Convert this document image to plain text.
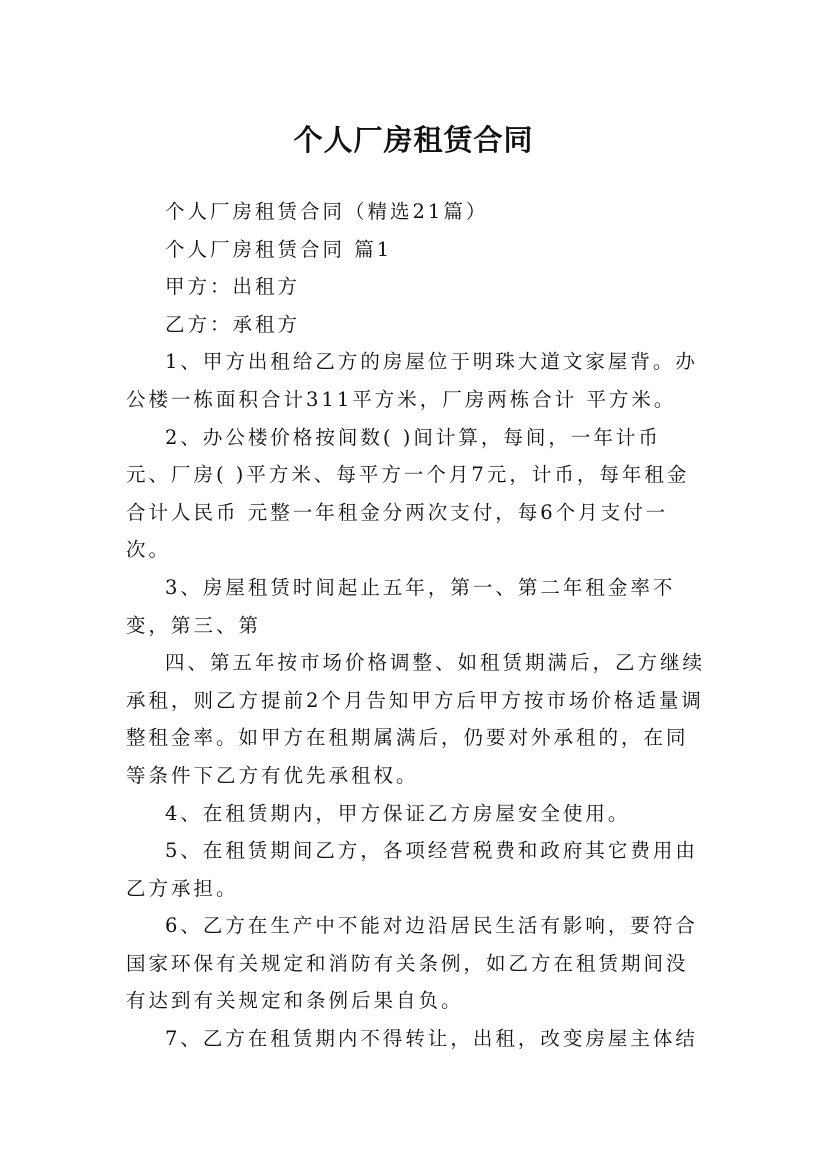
个人厂房租赁合同

个人厂房租赁合同（精选21篇）

个人厂房租赁合同 篇1

甲方：出租方

乙方：承租方

1、甲方出租给乙方的房屋位于明珠大道文家屋背。办公楼一栋面积合计311平方米，厂房两栋合计 平方米。

2、办公楼价格按间数( )间计算，每间，一年计币 元、厂房( )平方米、每平方一个月7元，计币，每年租金合计人民币 元整一年租金分两次支付，每6个月支付一次。

3、房屋租赁时间起止五年，第一、第二年租金率不变，第三、第

四、第五年按市场价格调整、如租赁期满后，乙方继续承租，则乙方提前2个月告知甲方后甲方按市场价格适量调整租金率。如甲方在租期属满后，仍要对外承租的，在同等条件下乙方有优先承租权。

4、在租赁期内，甲方保证乙方房屋安全使用。

5、在租赁期间乙方，各项经营税费和政府其它费用由乙方承担。

6、乙方在生产中不能对边沿居民生活有影响，要符合国家环保有关规定和消防有关条例，如乙方在租赁期间没有达到有关规定和条例后果自负。

7、乙方在租赁期内不得转让，出租，改变房屋主体结
